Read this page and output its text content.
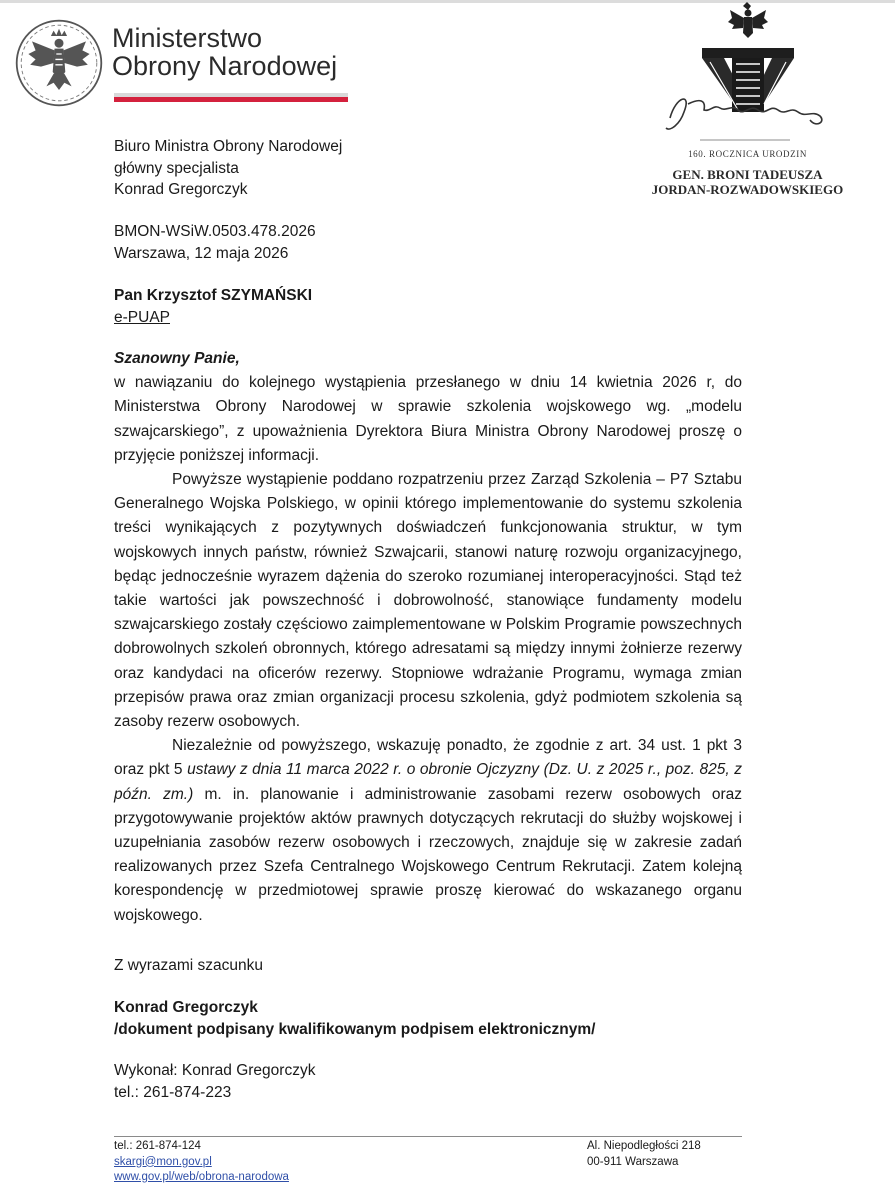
Ministerstwo
Obrony Narodowej
160. ROCZNICA URODZIN
GEN. BRONI TADEUSZA
JORDAN-ROZWADOWSKIEGO
Biuro Ministra Obrony Narodowej
główny specjalista
Konrad Gregorczyk
BMON-WSiW.0503.478.2026
Warszawa, 12 maja 2026
Pan Krzysztof SZYMAŃSKI
e-PUAP

Szanowny Panie,

w nawiązaniu do kolejnego wystąpienia przesłanego w dniu 14 kwietnia 2026 r, do Ministerstwa Obrony Narodowej w sprawie szkolenia wojskowego wg. „modelu szwajcarskiego”, z upoważnienia Dyrektora Biura Ministra Obrony Narodowej proszę o przyjęcie poniższej informacji.

Powyższe wystąpienie poddano rozpatrzeniu przez Zarząd Szkolenia – P7 Sztabu Generalnego Wojska Polskiego, w opinii którego implementowanie do systemu szkolenia treści wynikających z pozytywnych doświadczeń funkcjonowania struktur, w tym wojskowych innych państw, również Szwajcarii, stanowi naturę rozwoju organizacyjnego, będąc jednocześnie wyrazem dążenia do szeroko rozumianej interoperacyjności. Stąd też takie wartości jak powszechność i dobrowolność, stanowiące fundamenty modelu szwajcarskiego zostały częściowo zaimplementowane w Polskim Programie powszechnych dobrowolnych szkoleń obronnych, którego adresatami są między innymi żołnierze rezerwy oraz kandydaci na oficerów rezerwy. Stopniowe wdrażanie Programu, wymaga zmian przepisów prawa oraz zmian organizacji procesu szkolenia, gdyż podmiotem szkolenia są zasoby rezerw osobowych.

Niezależnie od powyższego, wskazuję ponadto, że zgodnie z art. 34 ust. 1 pkt 3 oraz pkt 5 ustawy z dnia 11 marca 2022 r. o obronie Ojczyzny (Dz. U. z 2025 r., poz. 825, z późn. zm.) m. in. planowanie i administrowanie zasobami rezerw osobowych oraz przygotowywanie projektów aktów prawnych dotyczących rekrutacji do służby wojskowej i uzupełniania zasobów rezerw osobowych i rzeczowych, znajduje się w zakresie zadań realizowanych przez Szefa Centralnego Wojskowego Centrum Rekrutacji. Zatem kolejną korespondencję w przedmiotowej sprawie proszę kierować do wskazanego organu wojskowego.

Z wyrazami szacunku
Konrad Gregorczyk
/dokument podpisany kwalifikowanym podpisem elektronicznym/
Wykonał: Konrad Gregorczyk
tel.: 261-874-223
tel.: 261-874-124
skargi@mon.gov.pl
www.gov.pl/web/obrona-narodowa
Al. Niepodległości 218
00-911 Warszawa
